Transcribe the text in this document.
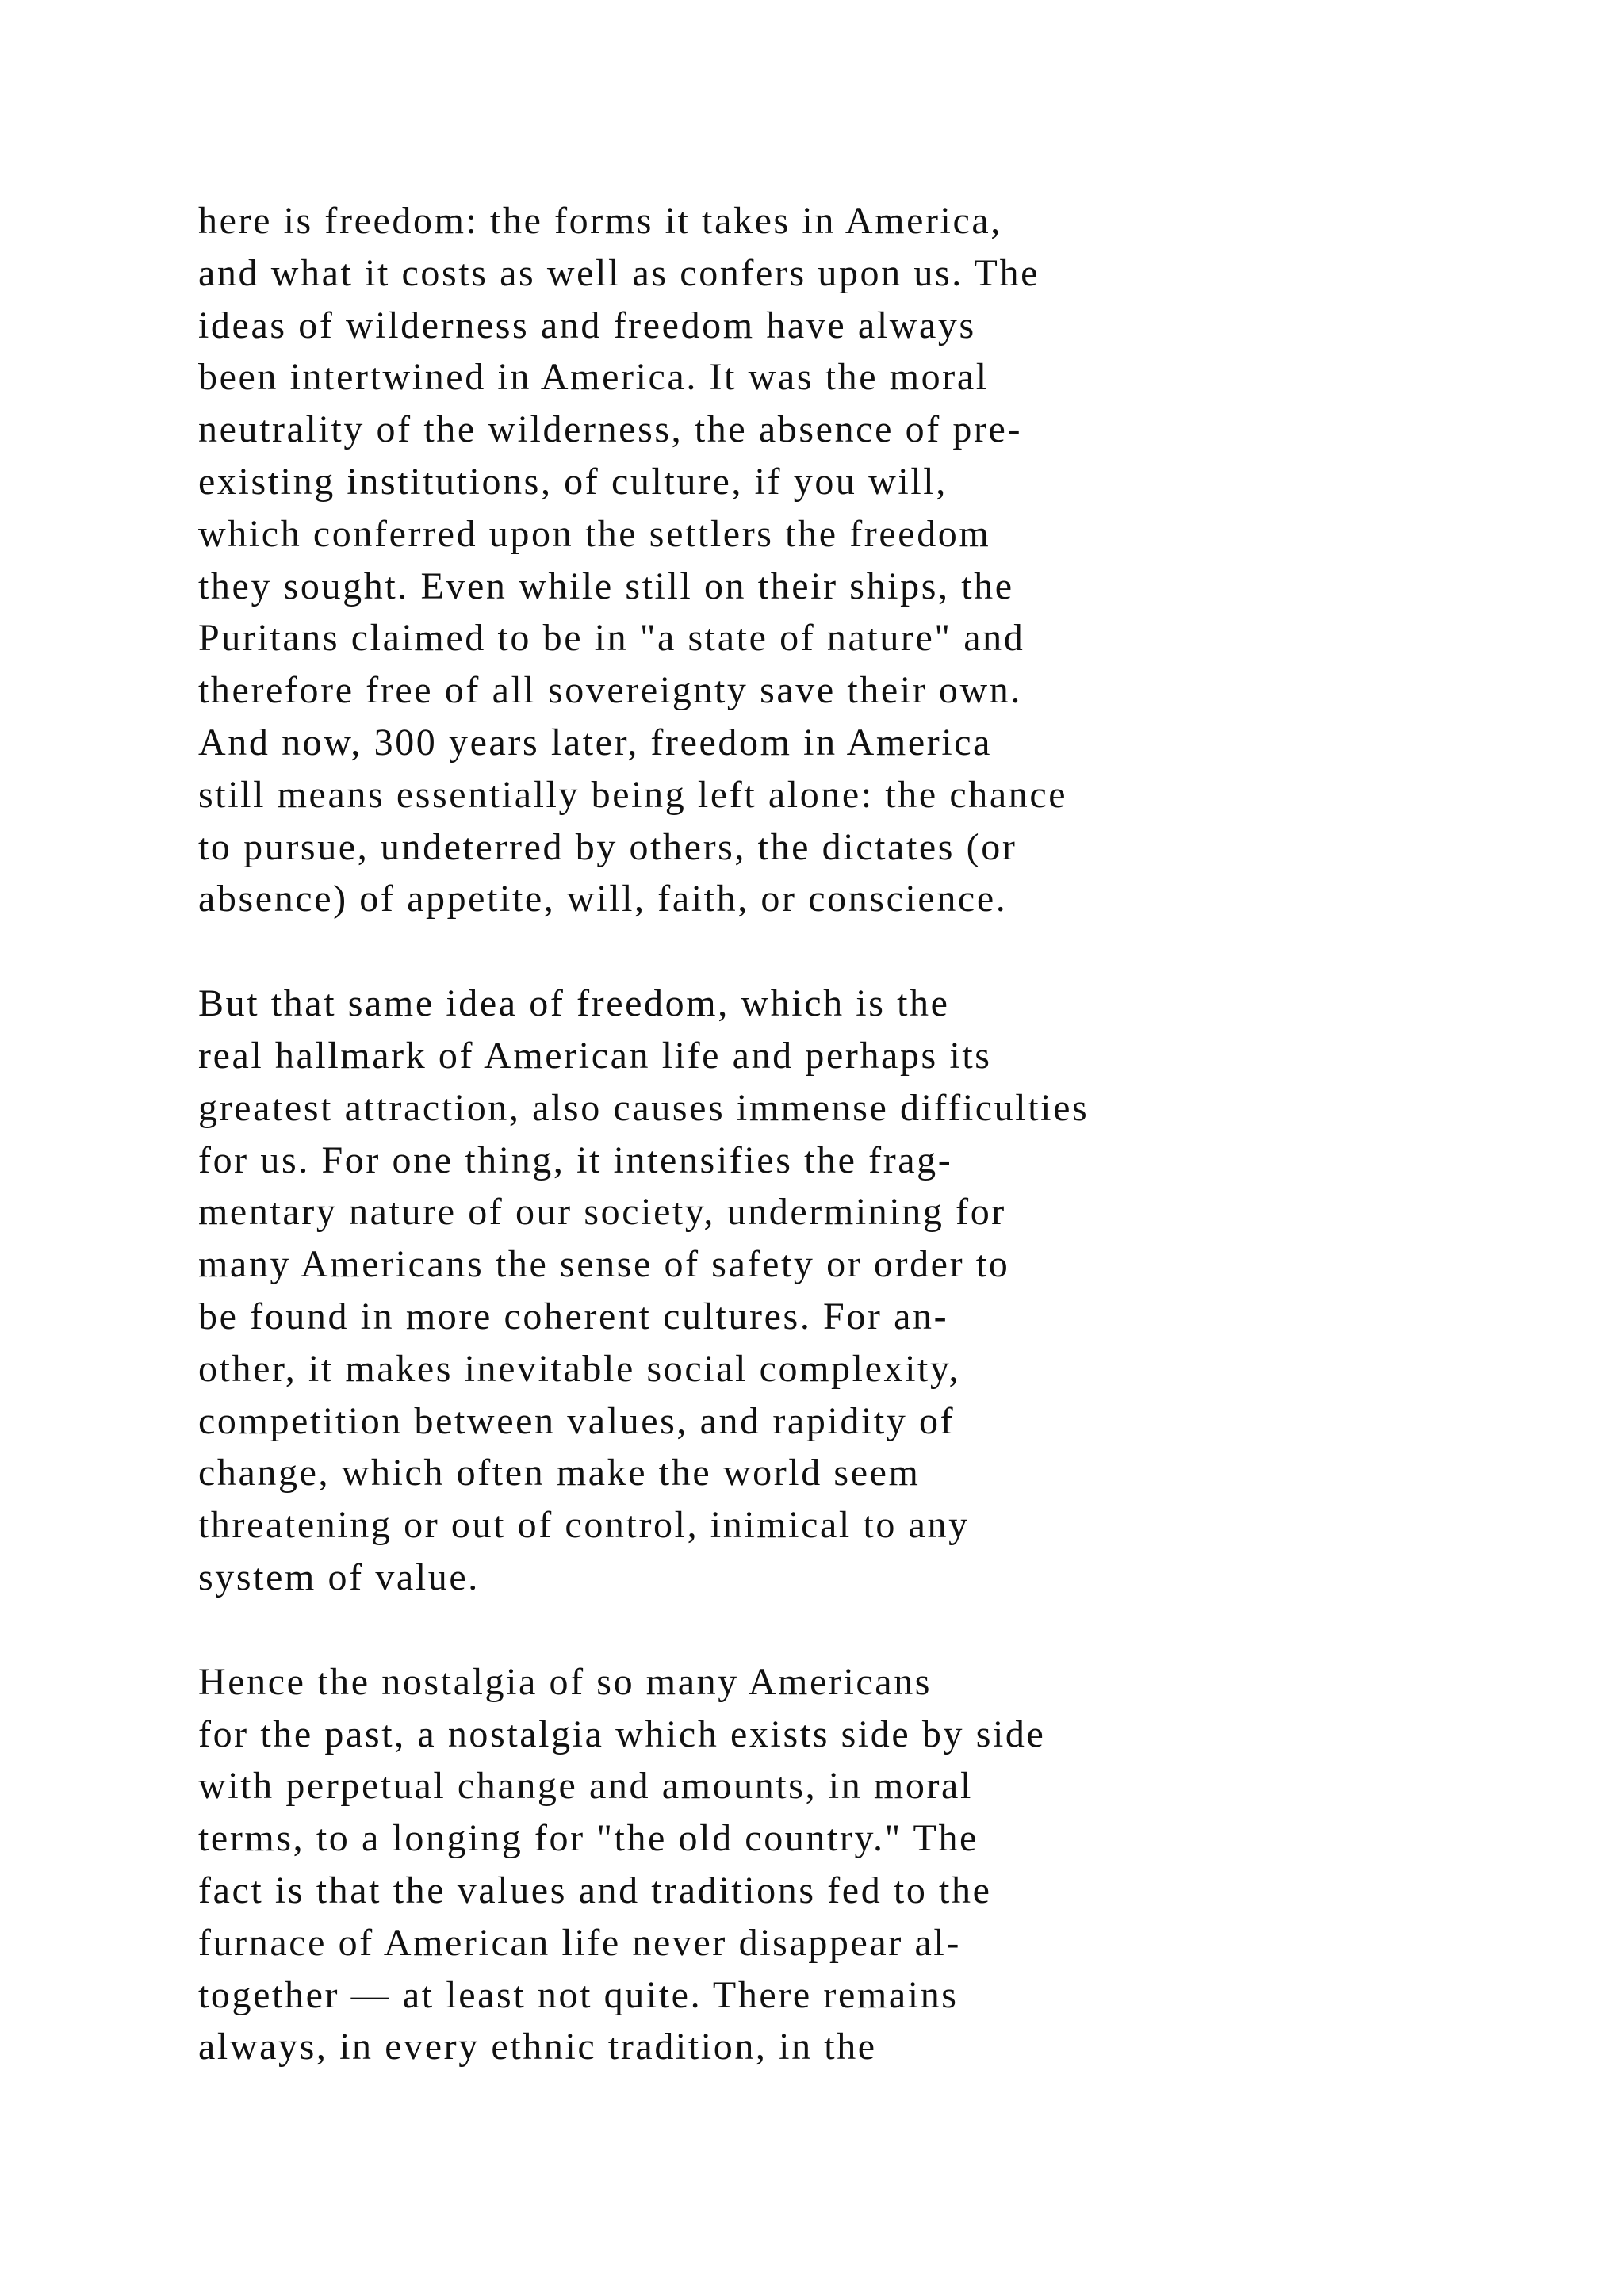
here is freedom: the forms it takes in America,
and what it costs as well as confers upon us. The
ideas of wilderness and freedom have always
been intertwined in America. It was the moral
neutrality of the wilderness, the absence of pre-
existing institutions, of culture, if you will,
which conferred upon the settlers the freedom
they sought. Even while still on their ships, the
Puritans claimed to be in "a state of nature" and
therefore free of all sovereignty save their own.
And now, 300 years later, freedom in America
still means essentially being left alone: the chance
to pursue, undeterred by others, the dictates (or
absence) of appetite, will, faith, or conscience.

But that same idea of freedom, which is the
real hallmark of American life and perhaps its
greatest attraction, also causes immense difficulties
for us. For one thing, it intensifies the frag-
mentary nature of our society, undermining for
many Americans the sense of safety or order to
be found in more coherent cultures. For an-
other, it makes inevitable social complexity,
competition between values, and rapidity of
change, which often make the world seem
threatening or out of control, inimical to any
system of value.

Hence the nostalgia of so many Americans
for the past, a nostalgia which exists side by side
with perpetual change and amounts, in moral
terms, to a longing for "the old country." The
fact is that the values and traditions fed to the
furnace of American life never disappear al-
together — at least not quite. There remains
always, in every ethnic tradition, in the
